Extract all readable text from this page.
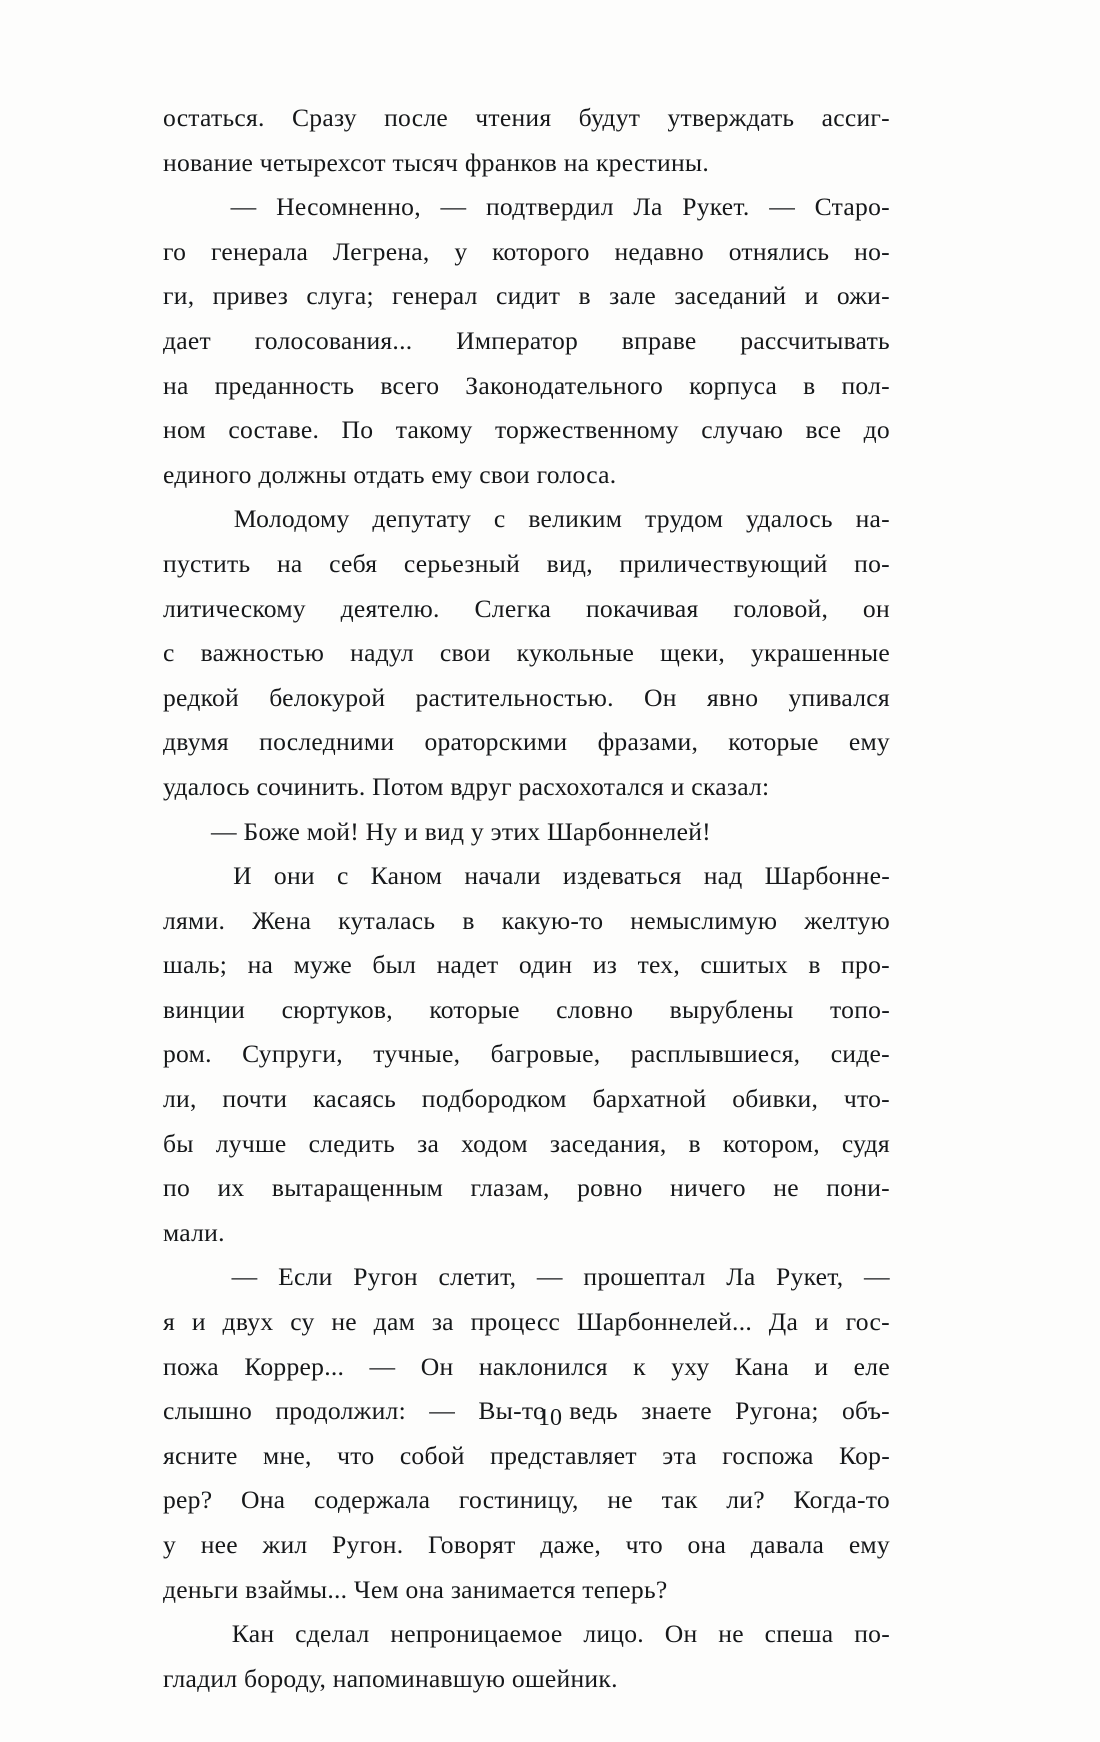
остаться. Сразу после чтения будут утверждать ассиг-
нование четырехсот тысяч франков на крестины.

— Несомненно, — подтвердил Ла Рукет. — Старо-
го генерала Легрена, у которого недавно отнялись но-
ги, привез слуга; генерал сидит в зале заседаний и ожи-
дает голосования... Император вправе рассчитывать
на преданность всего Законодательного корпуса в пол-
ном составе. По такому торжественному случаю все до
единого должны отдать ему свои голоса.

Молодому депутату с великим трудом удалось на-
пустить на себя серьезный вид, приличествующий по-
литическому деятелю. Слегка покачивая головой, он
с важностью надул свои кукольные щеки, украшенные
редкой белокурой растительностью. Он явно упивался
двумя последними ораторскими фразами, которые ему
удалось сочинить. Потом вдруг расхохотался и сказал:

— Боже мой! Ну и вид у этих Шарбоннелей!

И они с Каном начали издеваться над Шарбонне-
лями. Жена куталась в какую-то немыслимую желтую
шаль; на муже был надет один из тех, сшитых в про-
винции сюртуков, которые словно вырублены топо-
ром. Супруги, тучные, багровые, расплывшиеся, сиде-
ли, почти касаясь подбородком бархатной обивки, что-
бы лучше следить за ходом заседания, в котором, судя
по их вытаращенным глазам, ровно ничего не пони-
мали.

— Если Ругон слетит, — прошептал Ла Рукет, —
я и двух су не дам за процесс Шарбоннелей... Да и гос-
пожа Коррер... — Он наклонился к уху Кана и еле
слышно продолжил: — Вы-то ведь знаете Ругона; объ-
ясните мне, что собой представляет эта госпожа Кор-
рер? Она содержала гостиницу, не так ли? Когда-то
у нее жил Ругон. Говорят даже, что она давала ему
деньги взаймы... Чем она занимается теперь?

Кан сделал непроницаемое лицо. Он не спеша по-
гладил бороду, напоминавшую ошейник.

10
